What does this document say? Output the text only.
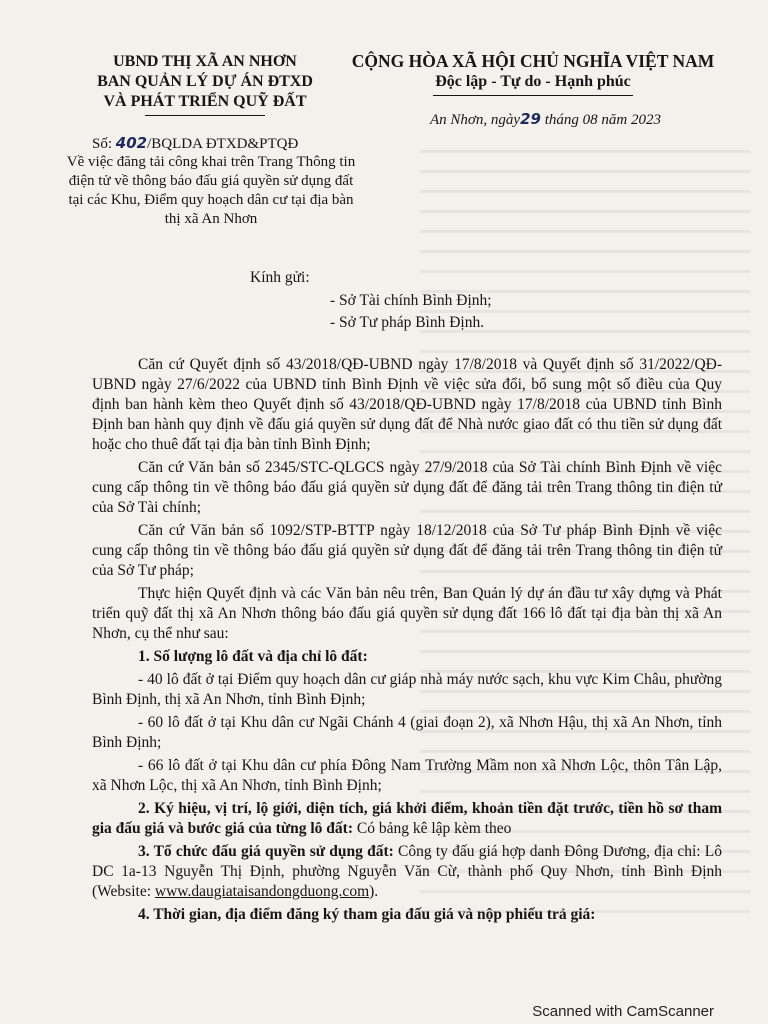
UBND THỊ XÃ AN NHƠN
BAN QUẢN LÝ DỰ ÁN ĐTXD
VÀ PHÁT TRIỂN QUỸ ĐẤT
CỘNG HÒA XÃ HỘI CHỦ NGHĨA VIỆT NAM
Độc lập - Tự do - Hạnh phúc
An Nhơn, ngày29 tháng 08 năm 2023
Số: 402/BQLDA ĐTXD&PTQĐ
Về việc đăng tải công khai trên Trang Thông tin điện tử về thông báo đấu giá quyền sử dụng đất tại các Khu, Điểm quy hoạch dân cư tại địa bàn thị xã An Nhơn
Kính gửi:
- Sở Tài chính Bình Định;
- Sở Tư pháp Bình Định.

Căn cứ Quyết định số 43/2018/QĐ-UBND ngày 17/8/2018 và Quyết định số 31/2022/QĐ-UBND ngày 27/6/2022 của UBND tỉnh Bình Định về việc sửa đổi, bổ sung một số điều của Quy định ban hành kèm theo Quyết định số 43/2018/QĐ-UBND ngày 17/8/2018 của UBND tỉnh Bình Định ban hành quy định về đấu giá quyền sử dụng đất để Nhà nước giao đất có thu tiền sử dụng đất hoặc cho thuê đất tại địa bàn tỉnh Bình Định;

Căn cứ Văn bản số 2345/STC-QLGCS ngày 27/9/2018 của Sở Tài chính Bình Định về việc cung cấp thông tin về thông báo đấu giá quyền sử dụng đất để đăng tải trên Trang thông tin điện tử của Sở Tài chính;

Căn cứ Văn bản số 1092/STP-BTTP ngày 18/12/2018 của Sở Tư pháp Bình Định về việc cung cấp thông tin về thông báo đấu giá quyền sử dụng đất để đăng tải trên Trang thông tin điện tử của Sở Tư pháp;

Thực hiện Quyết định và các Văn bản nêu trên, Ban Quản lý dự án đầu tư xây dựng và Phát triển quỹ đất thị xã An Nhơn thông báo đấu giá quyền sử dụng đất 166 lô đất tại địa bàn thị xã An Nhơn, cụ thể như sau:

1. Số lượng lô đất và địa chỉ lô đất:

- 40 lô đất ở tại Điểm quy hoạch dân cư giáp nhà máy nước sạch, khu vực Kim Châu, phường Bình Định, thị xã An Nhơn, tỉnh Bình Định;

- 60 lô đất ở tại Khu dân cư Ngãi Chánh 4 (giai đoạn 2), xã Nhơn Hậu, thị xã An Nhơn, tỉnh Bình Định;

- 66 lô đất ở tại Khu dân cư phía Đông Nam Trường Mầm non xã Nhơn Lộc, thôn Tân Lập, xã Nhơn Lộc, thị xã An Nhơn, tỉnh Bình Định;

2. Ký hiệu, vị trí, lộ giới, diện tích, giá khởi điểm, khoản tiền đặt trước, tiền hồ sơ tham gia đấu giá và bước giá của từng lô đất: Có bảng kê lập kèm theo

3. Tổ chức đấu giá quyền sử dụng đất: Công ty đấu giá hợp danh Đông Dương, địa chỉ: Lô DC 1a-13 Nguyễn Thị Định, phường Nguyễn Văn Cừ, thành phố Quy Nhơn, tỉnh Bình Định (Website: www.daugiataisandongduong.com).

4. Thời gian, địa điểm đăng ký tham gia đấu giá và nộp phiếu trả giá:

Scanned with CamScanner
